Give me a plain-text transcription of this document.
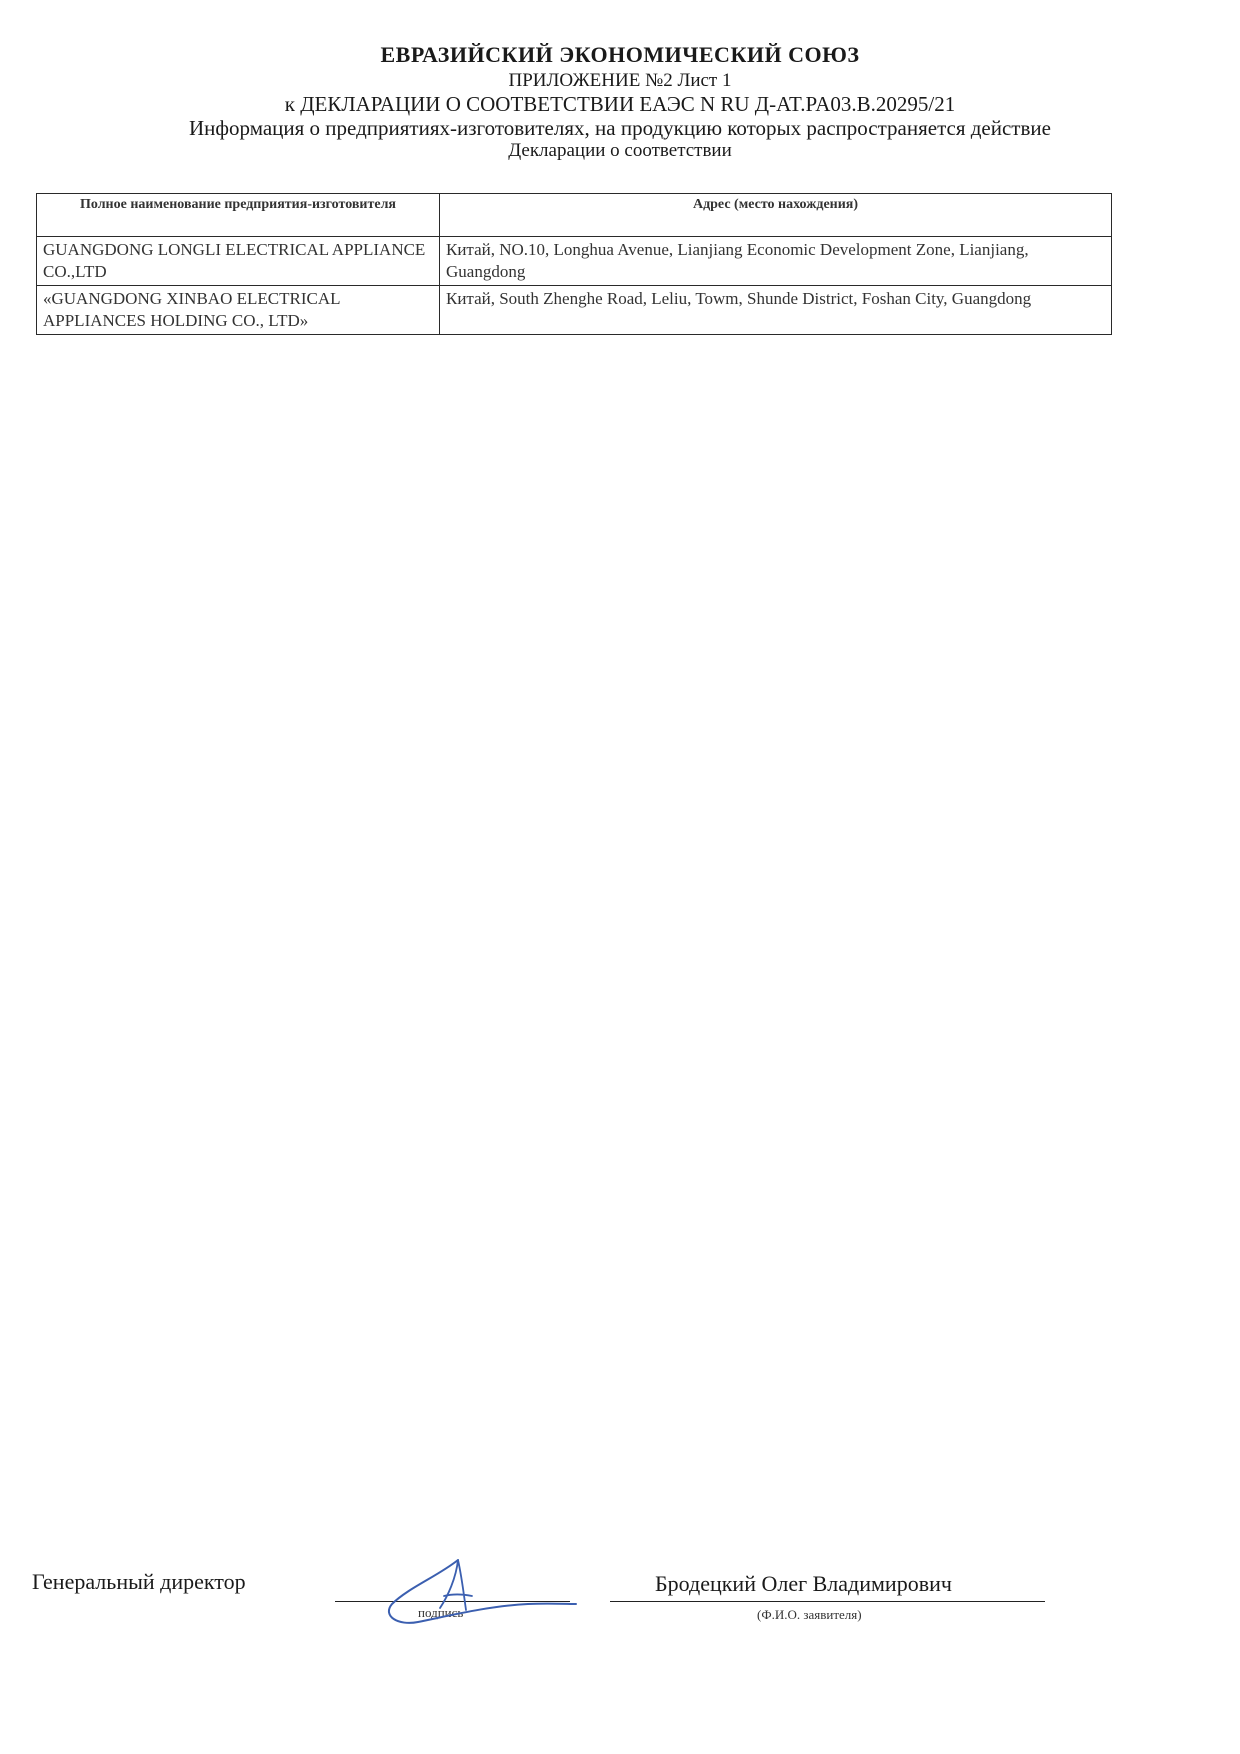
ЕВРАЗИЙСКИЙ ЭКОНОМИЧЕСКИЙ СОЮЗ
ПРИЛОЖЕНИЕ №2 Лист 1
к ДЕКЛАРАЦИИ О СООТВЕТСТВИИ ЕАЭС N RU Д-AT.PA03.B.20295/21
Информация о предприятиях-изготовителях, на продукцию которых распространяется действие
Декларации о соответствии
Полное наименование предприятия-изготовителя	Адрес (место нахождения)
GUANGDONG LONGLI ELECTRICAL APPLIANCE CO.,LTD	Китай, NO.10, Longhua Avenue, Lianjiang Economic Development Zone, Lianjiang, Guangdong
«GUANGDONG XINBAO ELECTRICAL APPLIANCES HOLDING CO., LTD»	Китай, South Zhenghe Road, Leliu, Towm, Shunde District, Foshan City, Guangdong
Генеральный директор
подпись
Бродецкий Олег Владимирович
(Ф.И.О. заявителя)
